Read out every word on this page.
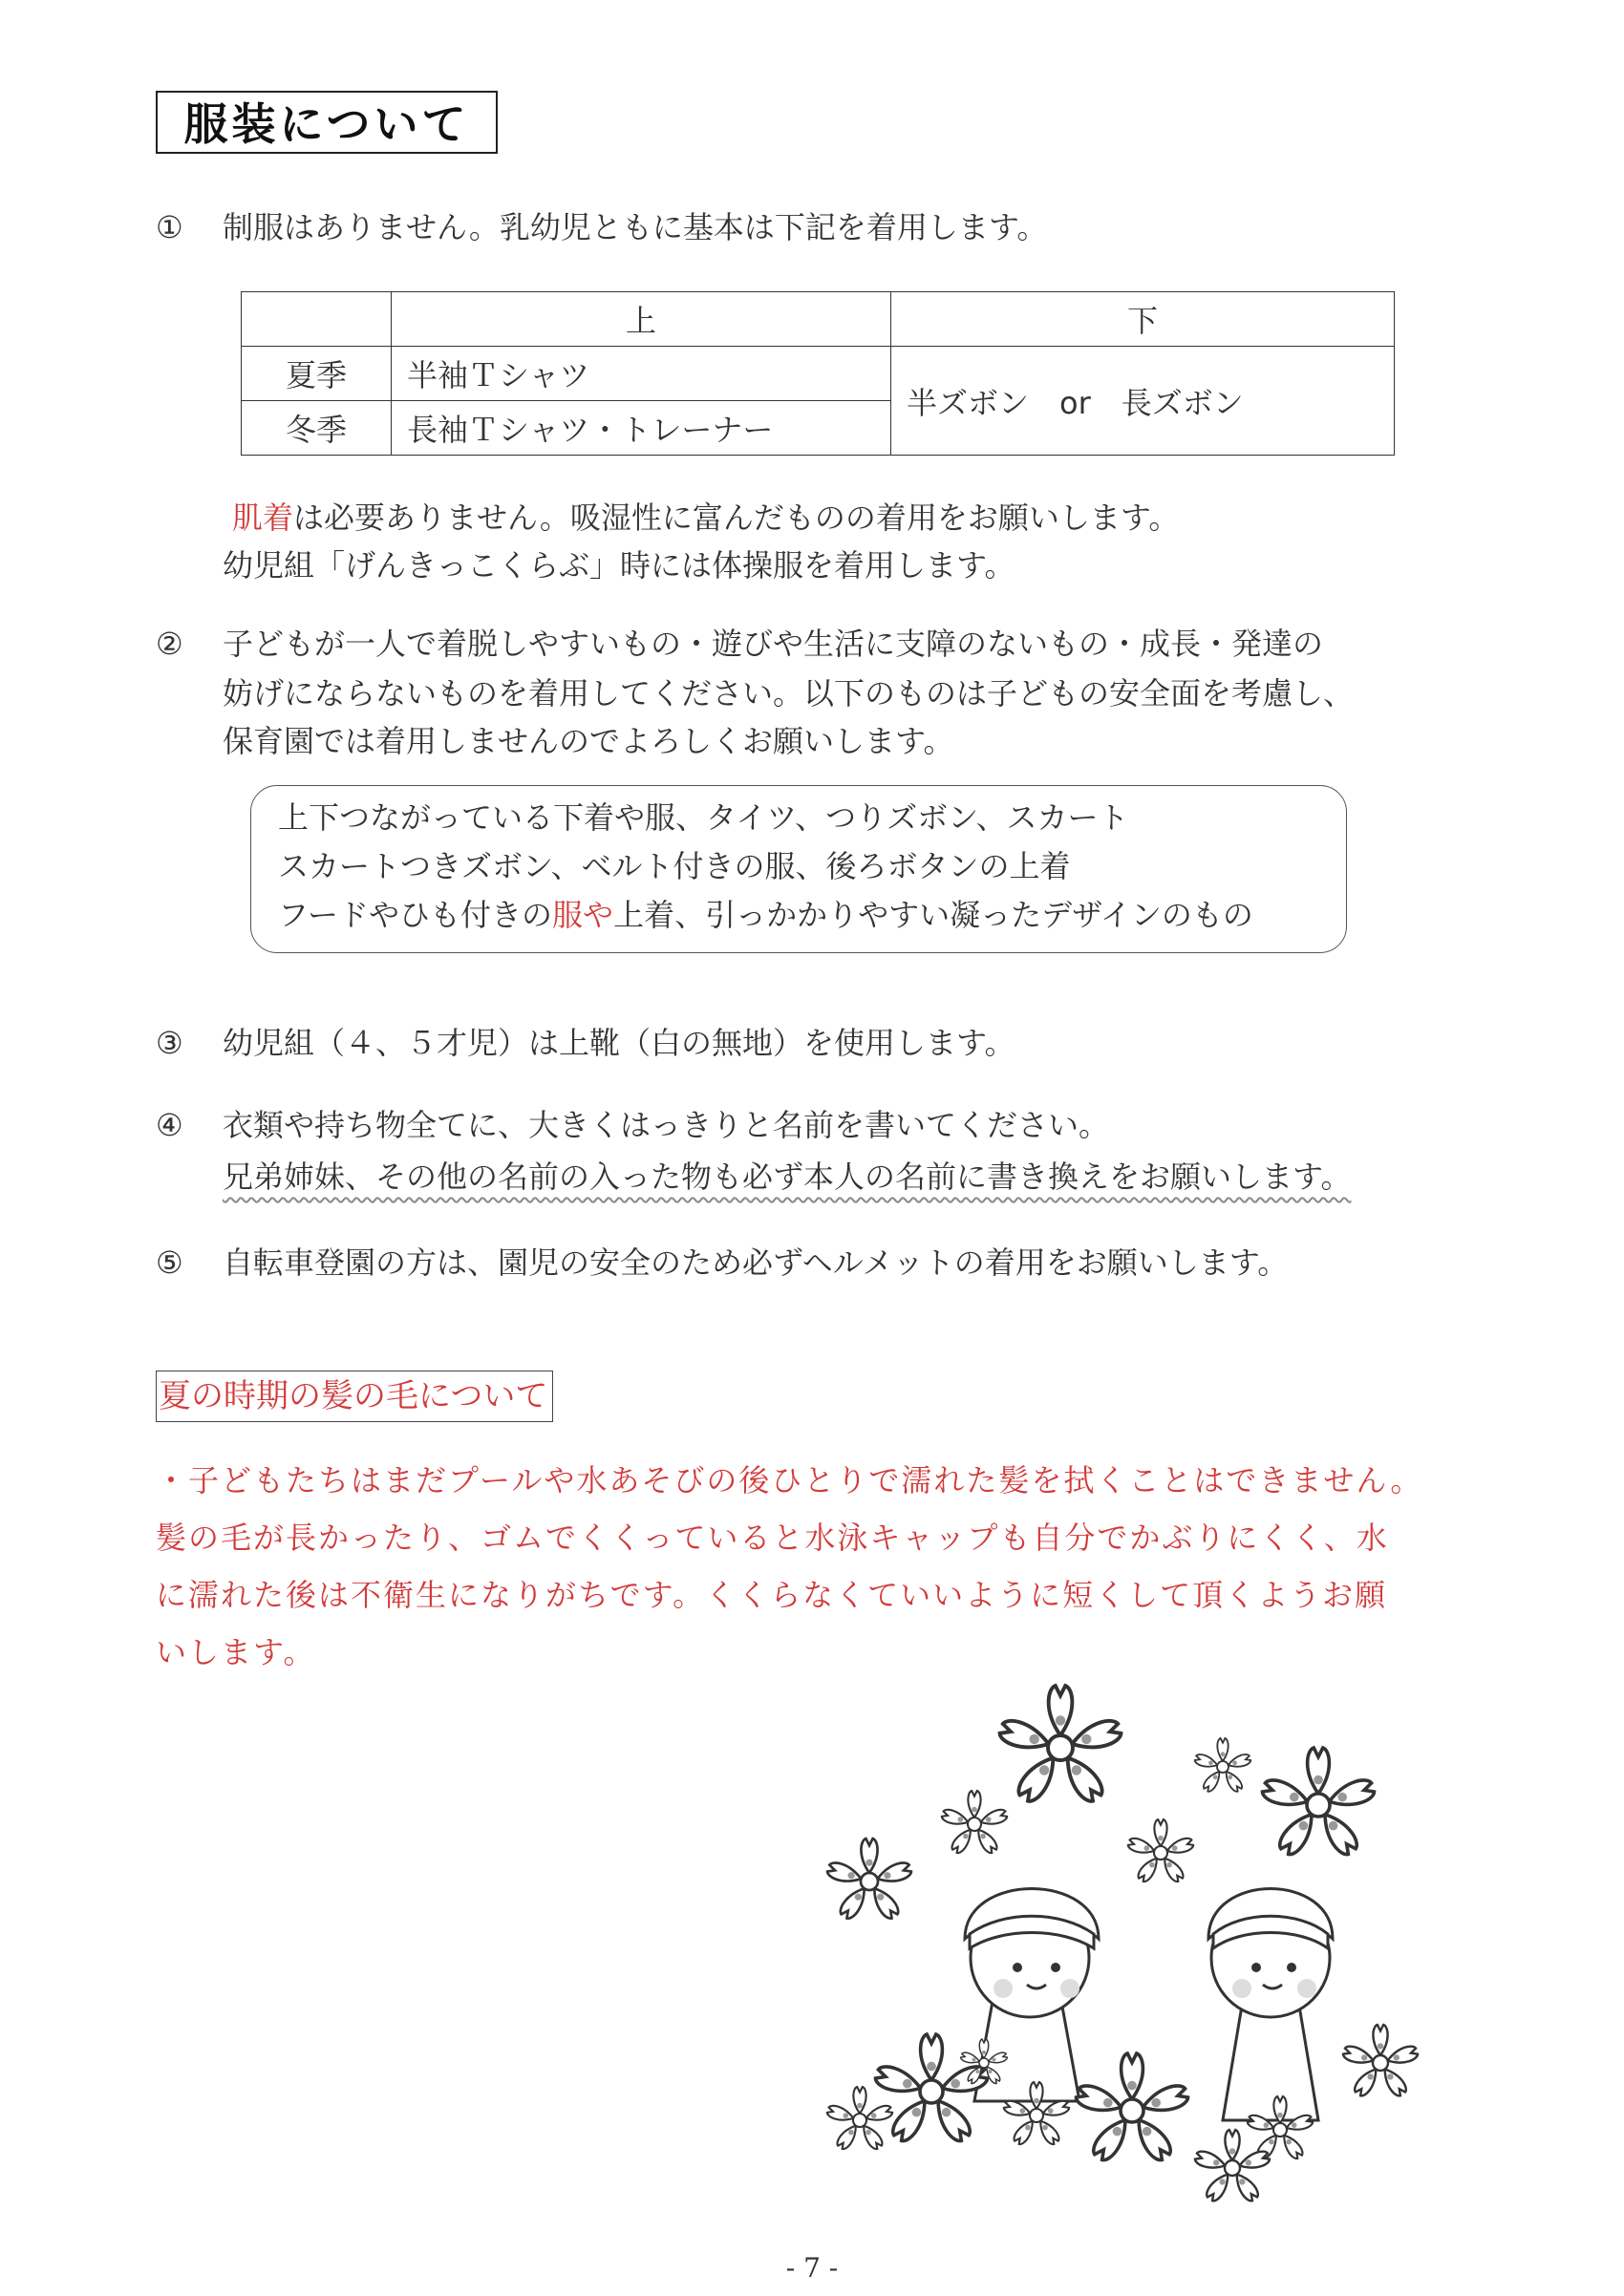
服装について
① 制服はありません。乳幼児ともに基本は下記を着用します。
	上	下
夏季	半袖Ｔシャツ	半ズボン　or　長ズボン
冬季	長袖Ｔシャツ・トレーナー	
肌着は必要ありません。吸湿性に富んだものの着用をお願いします。
幼児組「げんきっこくらぶ」時には体操服を着用します。
② 子どもが一人で着脱しやすいもの・遊びや生活に支障のないもの・成長・発達の
妨げにならないものを着用してください。以下のものは子どもの安全面を考慮し、
保育園では着用しませんのでよろしくお願いします。
上下つながっている下着や服、タイツ、つりズボン、スカート
スカートつきズボン、ベルト付きの服、後ろボタンの上着
フードやひも付きの服や上着、引っかかりやすい凝ったデザインのもの
③ 幼児組（４、５才児）は上靴（白の無地）を使用します。
④ 衣類や持ち物全てに、大きくはっきりと名前を書いてください。
兄弟姉妹、その他の名前の入った物も必ず本人の名前に書き換えをお願いします。
⑤ 自転車登園の方は、園児の安全のため必ずヘルメットの着用をお願いします。
夏の時期の髪の毛について
・子どもたちはまだプールや水あそびの後ひとりで濡れた髪を拭くことはできません。
髪の毛が長かったり、ゴムでくくっていると水泳キャップも自分でかぶりにくく、水
に濡れた後は不衛生になりがちです。くくらなくていいように短くして頂くようお願
いします。
- 7 -
